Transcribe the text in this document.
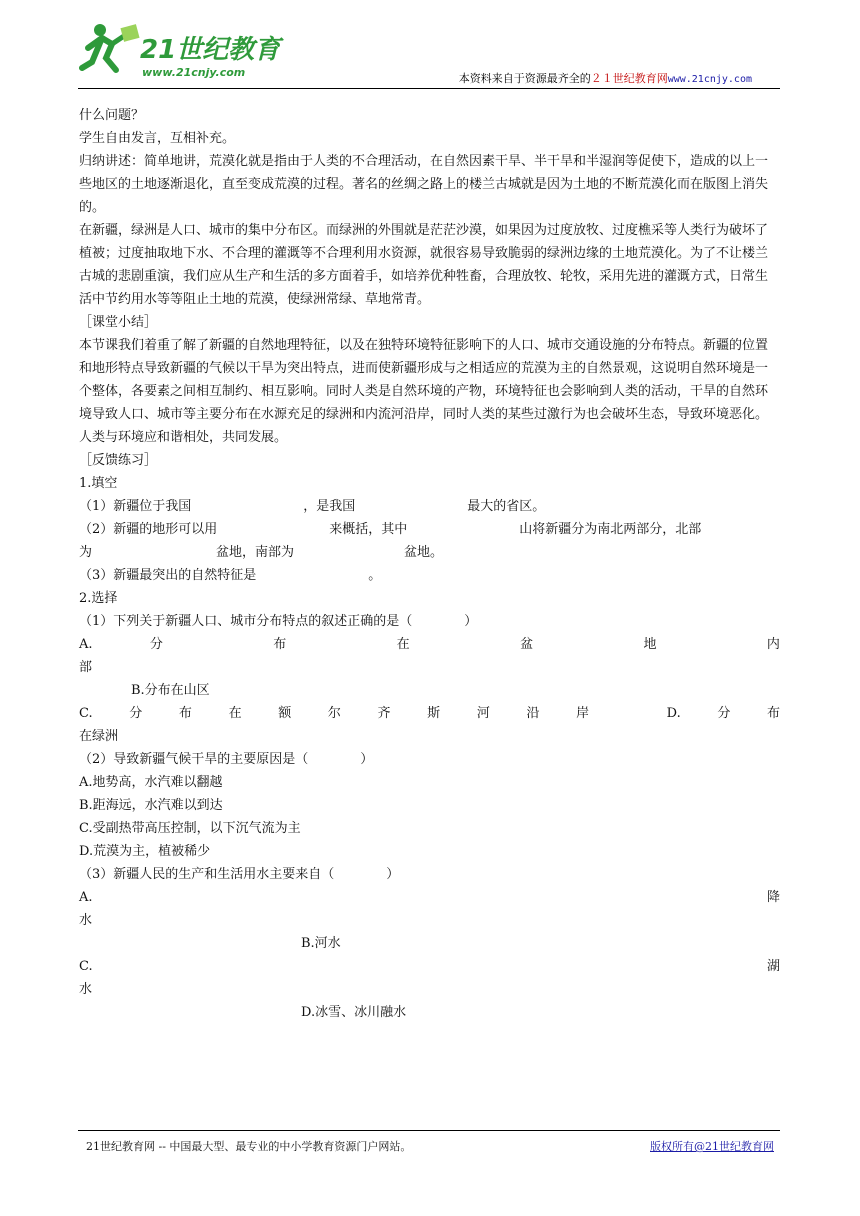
21世纪教育
www.21cnjy.com	本资料来自于资源最齐全的２１世纪教育网www.21cnjy.com

什么问题？

学生自由发言，互相补充。

归纳讲述：简单地讲，荒漠化就是指由于人类的不合理活动，在自然因素干旱、半干旱和半湿润等促使下，造成的以上一些地区的土地逐渐退化，直至变成荒漠的过程。著名的丝绸之路上的楼兰古城就是因为土地的不断荒漠化而在版图上消失的。

在新疆，绿洲是人口、城市的集中分布区。而绿洲的外围就是茫茫沙漠，如果因为过度放牧、过度樵采等人类行为破坏了植被；过度抽取地下水、不合理的灌溉等不合理利用水资源，就很容易导致脆弱的绿洲边缘的土地荒漠化。为了不让楼兰古城的悲剧重演，我们应从生产和生活的多方面着手，如培养优种牲畜，合理放牧、轮牧，采用先进的灌溉方式，日常生活中节约用水等等阻止土地的荒漠，使绿洲常绿、草地常青。

［课堂小结］

本节课我们着重了解了新疆的自然地理特征，以及在独特环境特征影响下的人口、城市交通设施的分布特点。新疆的位置和地形特点导致新疆的气候以干旱为突出特点，进而使新疆形成与之相适应的荒漠为主的自然景观，这说明自然环境是一个整体，各要素之间相互制约、相互影响。同时人类是自然环境的产物，环境特征也会影响到人类的活动，干旱的自然环境导致人口、城市等主要分布在水源充足的绿洲和内流河沿岸，同时人类的某些过激行为也会破坏生态，导致环境恶化。人类与环境应和谐相处，共同发展。

［反馈练习］

1.填空

（1）新疆位于我国	，是我国	最大的省区。

（2）新疆的地形可以用	来概括，其中	山将新疆分为南北两部分，北部

为	盆地，南部为	盆地。

（3）新疆最突出的自然特征是	。

2.选择

（1）下列关于新疆人口、城市分布特点的叙述正确的是（　　　　）

A.	分	布	在	盆	地	内

部

B.分布在山区

C.分布在额尔齐斯河沿岸	D.分布

在绿洲

（2）导致新疆气候干旱的主要原因是（　　　　）

A.地势高，水汽难以翻越

B.距海远，水汽难以到达

C.受副热带高压控制，以下沉气流为主

D.荒漠为主，植被稀少

（3）新疆人民的生产和生活用水主要来自（　　　　）

A.	降

水

B.河水

C.	湖

水

D.冰雪、冰川融水

21世纪教育网 -- 中国最大型、最专业的中小学教育资源门户网站。	版权所有@21世纪教育网
